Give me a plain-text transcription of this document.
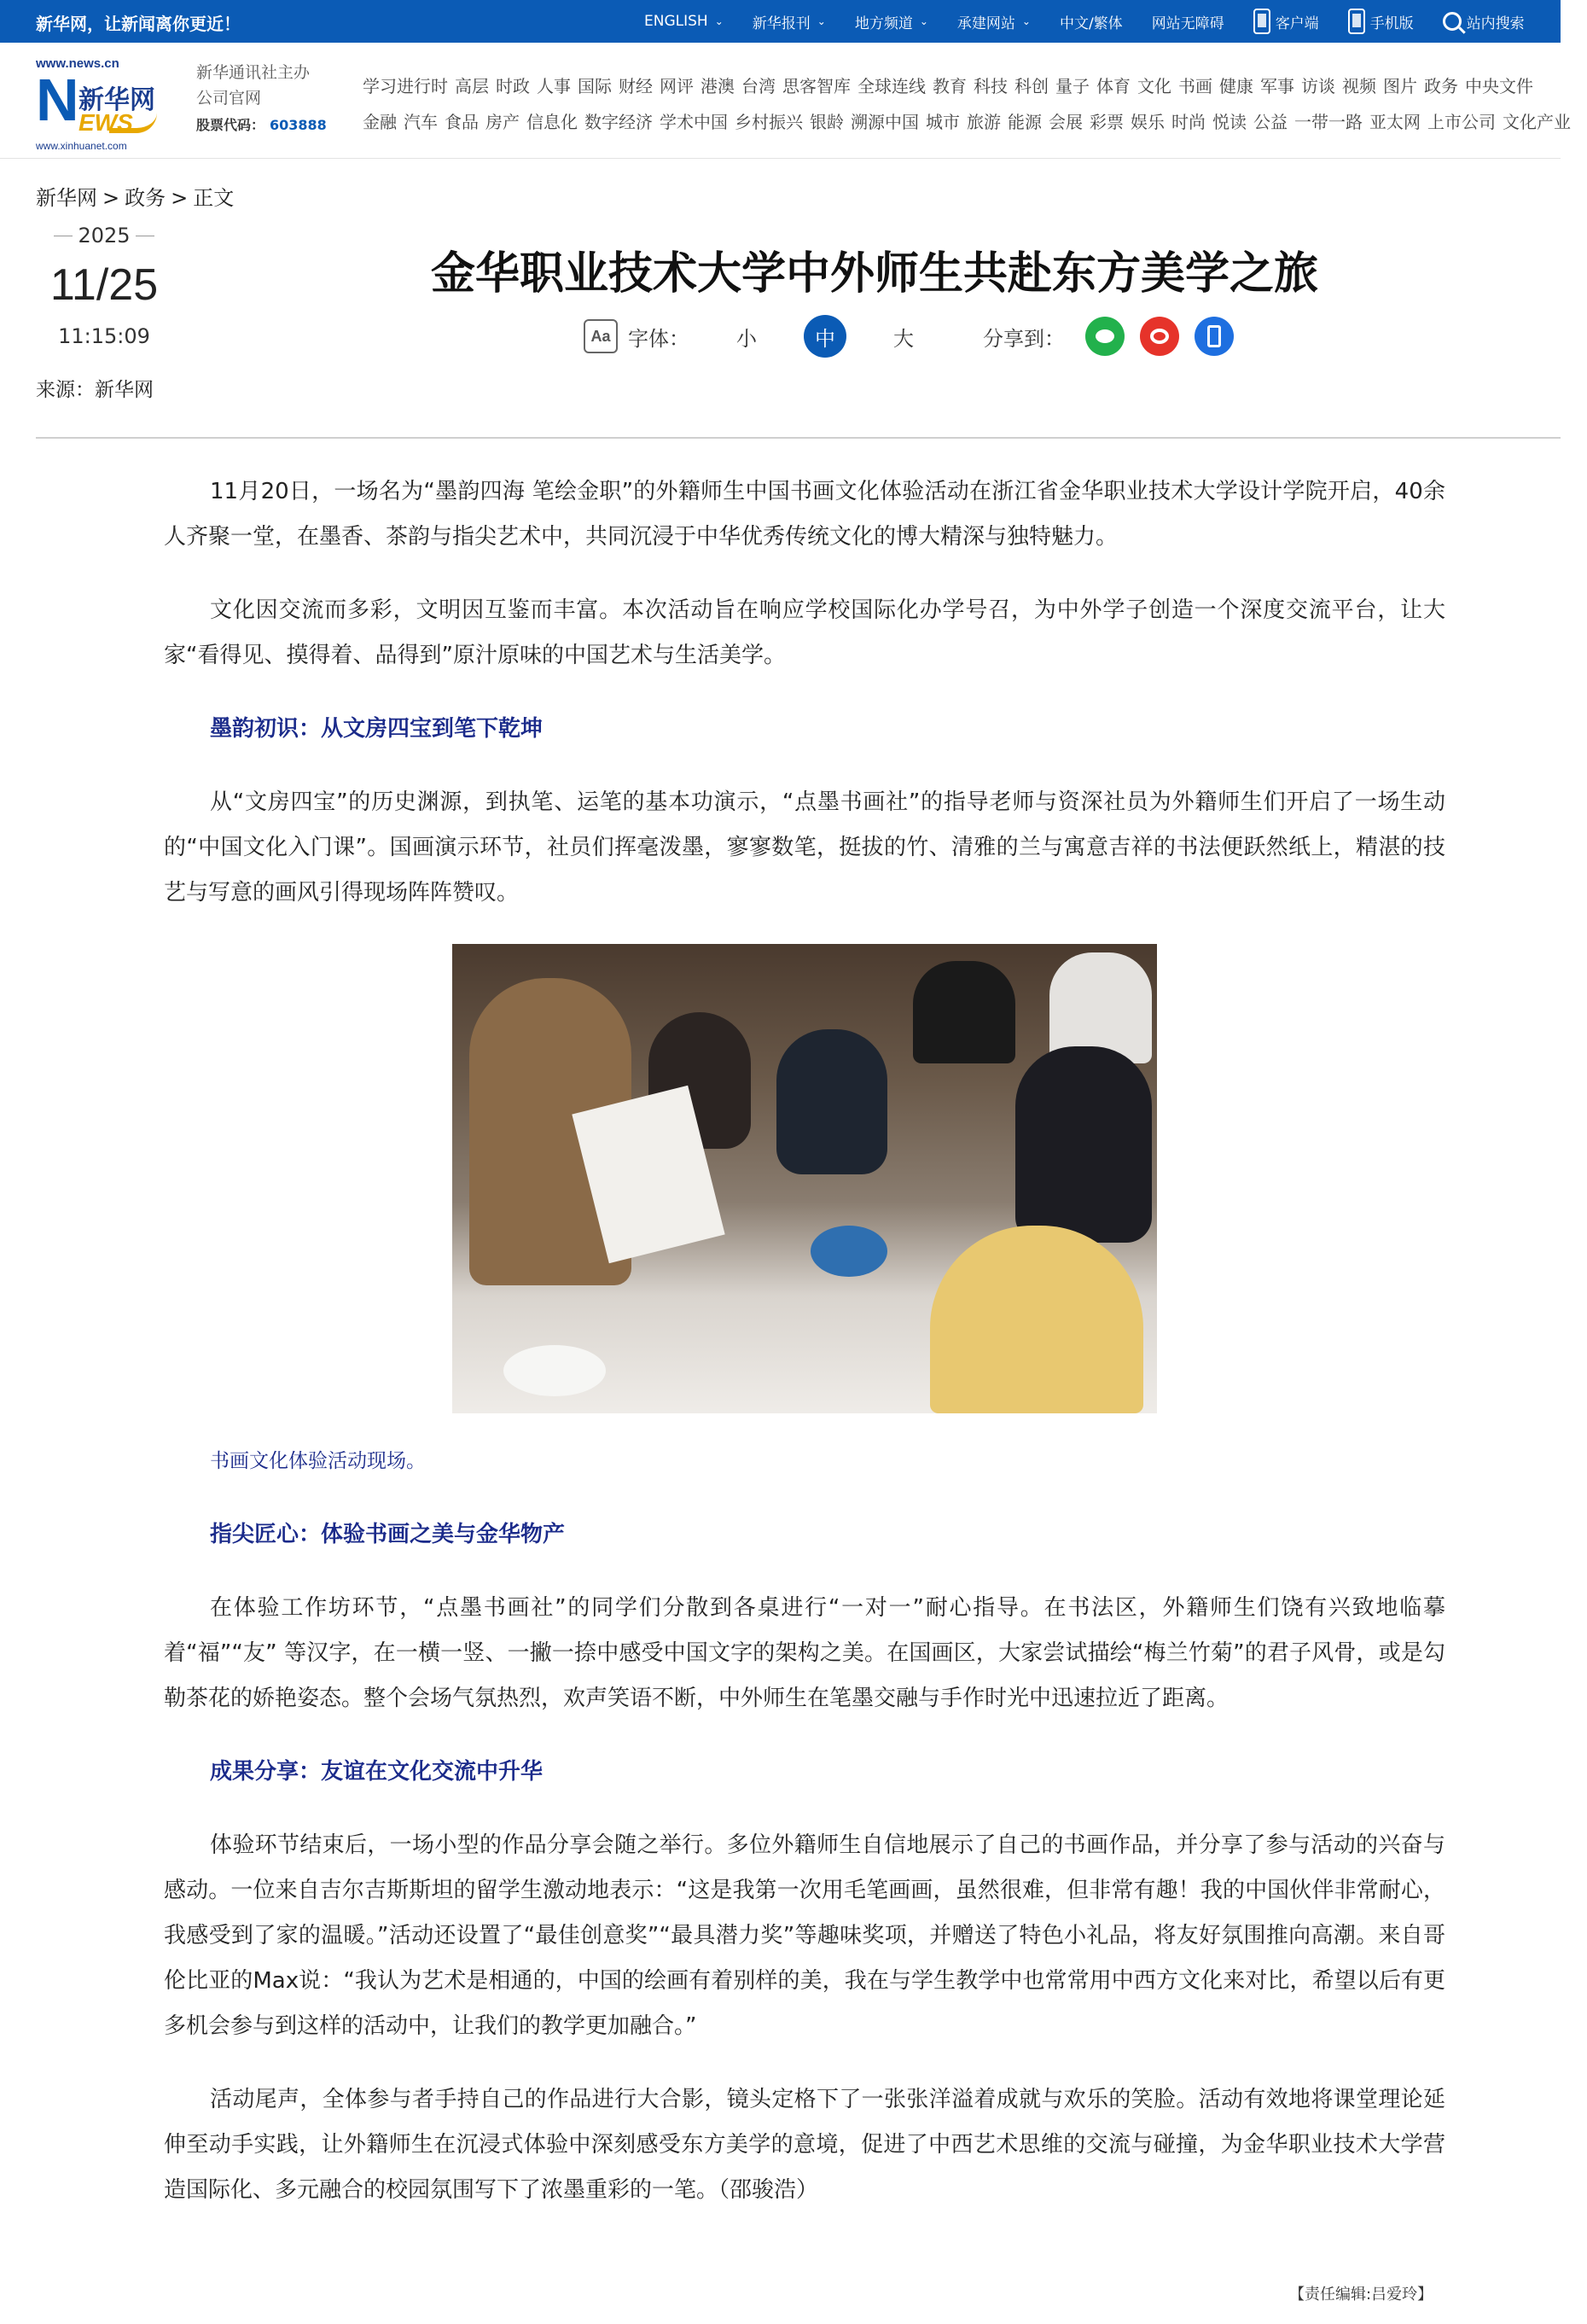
新华网，让新闻离你更近！	ENGLISH ⌄ 新华报刊 ⌄ 地方频道 ⌄ 承建网站 ⌄ 中文/繁体 网站无障碍	客户端	手机版	站内搜索
www.news.cn
N 新华网
EWS
www.xinhuanet.com
新华通讯社主办
公司官网
股票代码： 603888
学习进行时 高层 时政 人事 国际 财经 网评 港澳 台湾 思客智库 全球连线 教育 科技 科创 量子 体育 文化 书画 健康 军事 访谈 视频 图片 政务 中央文件
金融 汽车 食品 房产 信息化 数字经济 学术中国 乡村振兴 银龄 溯源中国 城市 旅游 能源 会展 彩票 娱乐 时尚 悦读 公益 一带一路 亚太网 上市公司 文化产业
新华网 > 政务 > 正文
2025
11/25
11:15:09
来源：新华网
金华职业技术大学中外师生共赴东方美学之旅
Aa 字体：	小	中	大	分享到：

11月20日，一场名为“墨韵四海 笔绘金职”的外籍师生中国书画文化体验活动在浙江省金华职业技术大学设计学院开启，40余人齐聚一堂，在墨香、茶韵与指尖艺术中，共同沉浸于中华优秀传统文化的博大精深与独特魅力。

文化因交流而多彩，文明因互鉴而丰富。本次活动旨在响应学校国际化办学号召，为中外学子创造一个深度交流平台，让大家“看得见、摸得着、品得到”原汁原味的中国艺术与生活美学。

墨韵初识：从文房四宝到笔下乾坤

从“文房四宝”的历史渊源，到执笔、运笔的基本功演示，“点墨书画社”的指导老师与资深社员为外籍师生们开启了一场生动的“中国文化入门课”。国画演示环节，社员们挥毫泼墨，寥寥数笔，挺拔的竹、清雅的兰与寓意吉祥的书法便跃然纸上，精湛的技艺与写意的画风引得现场阵阵赞叹。

书画文化体验活动现场。
指尖匠心：体验书画之美与金华物产

在体验工作坊环节，“点墨书画社”的同学们分散到各桌进行“一对一”耐心指导。在书法区，外籍师生们饶有兴致地临摹着“福”“友” 等汉字，在一横一竖、一撇一捺中感受中国文字的架构之美。在国画区，大家尝试描绘“梅兰竹菊”的君子风骨，或是勾勒茶花的娇艳姿态。整个会场气氛热烈，欢声笑语不断，中外师生在笔墨交融与手作时光中迅速拉近了距离。

成果分享：友谊在文化交流中升华

体验环节结束后，一场小型的作品分享会随之举行。多位外籍师生自信地展示了自己的书画作品，并分享了参与活动的兴奋与感动。一位来自吉尔吉斯斯坦的留学生激动地表示：“这是我第一次用毛笔画画，虽然很难，但非常有趣！我的中国伙伴非常耐心，我感受到了家的温暖。”活动还设置了“最佳创意奖”“最具潜力奖”等趣味奖项，并赠送了特色小礼品，将友好氛围推向高潮。来自哥伦比亚的Max说：“我认为艺术是相通的，中国的绘画有着别样的美，我在与学生教学中也常常用中西方文化来对比，希望以后有更多机会参与到这样的活动中，让我们的教学更加融合。”

活动尾声，全体参与者手持自己的作品进行大合影，镜头定格下了一张张洋溢着成就与欢乐的笑脸。活动有效地将课堂理论延伸至动手实践，让外籍师生在沉浸式体验中深刻感受东方美学的意境，促进了中西艺术思维的交流与碰撞，为金华职业技术大学营造国际化、多元融合的校园氛围写下了浓墨重彩的一笔。（邵骏浩）

【责任编辑:吕爱玲】
